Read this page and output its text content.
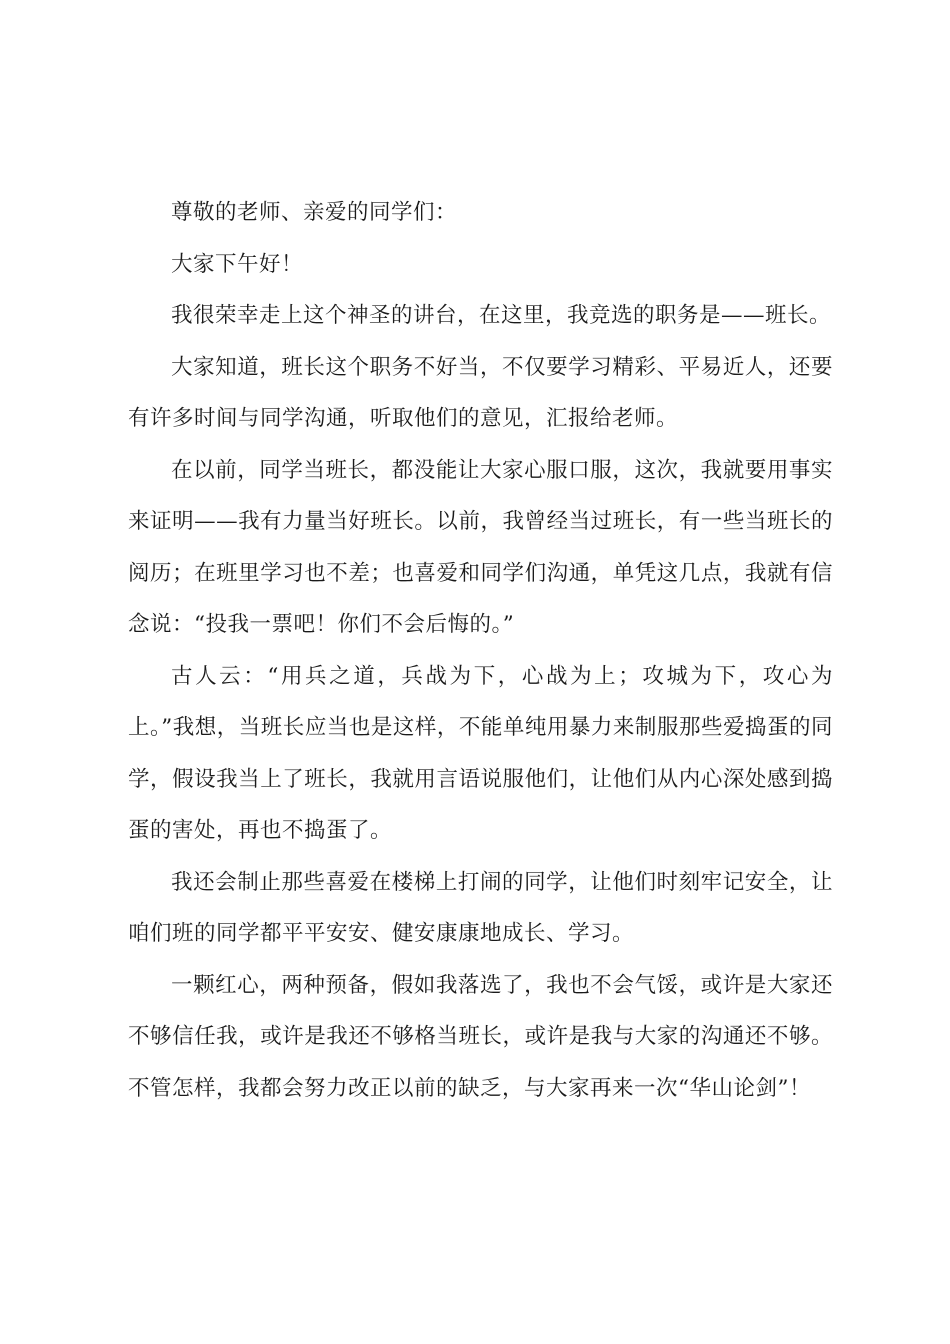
尊敬的老师、亲爱的同学们：

大家下午好！

我很荣幸走上这个神圣的讲台，在这里，我竞选的职务是——班长。

大家知道，班长这个职务不好当，不仅要学习精彩、平易近人，还要有许多时间与同学沟通，听取他们的意见，汇报给老师。

在以前，同学当班长，都没能让大家心服口服，这次，我就要用事实来证明——我有力量当好班长。以前，我曾经当过班长，有一些当班长的阅历；在班里学习也不差；也喜爱和同学们沟通，单凭这几点，我就有信念说：“投我一票吧！你们不会后悔的。”

古人云：“用兵之道，兵战为下，心战为上；攻城为下，攻心为上。”我想，当班长应当也是这样，不能单纯用暴力来制服那些爱捣蛋的同学，假设我当上了班长，我就用言语说服他们，让他们从内心深处感到捣蛋的害处，再也不捣蛋了。

我还会制止那些喜爱在楼梯上打闹的同学，让他们时刻牢记安全，让咱们班的同学都平平安安、健安康康地成长、学习。

一颗红心，两种预备，假如我落选了，我也不会气馁，或许是大家还不够信任我，或许是我还不够格当班长，或许是我与大家的沟通还不够。不管怎样，我都会努力改正以前的缺乏，与大家再来一次“华山论剑”！
